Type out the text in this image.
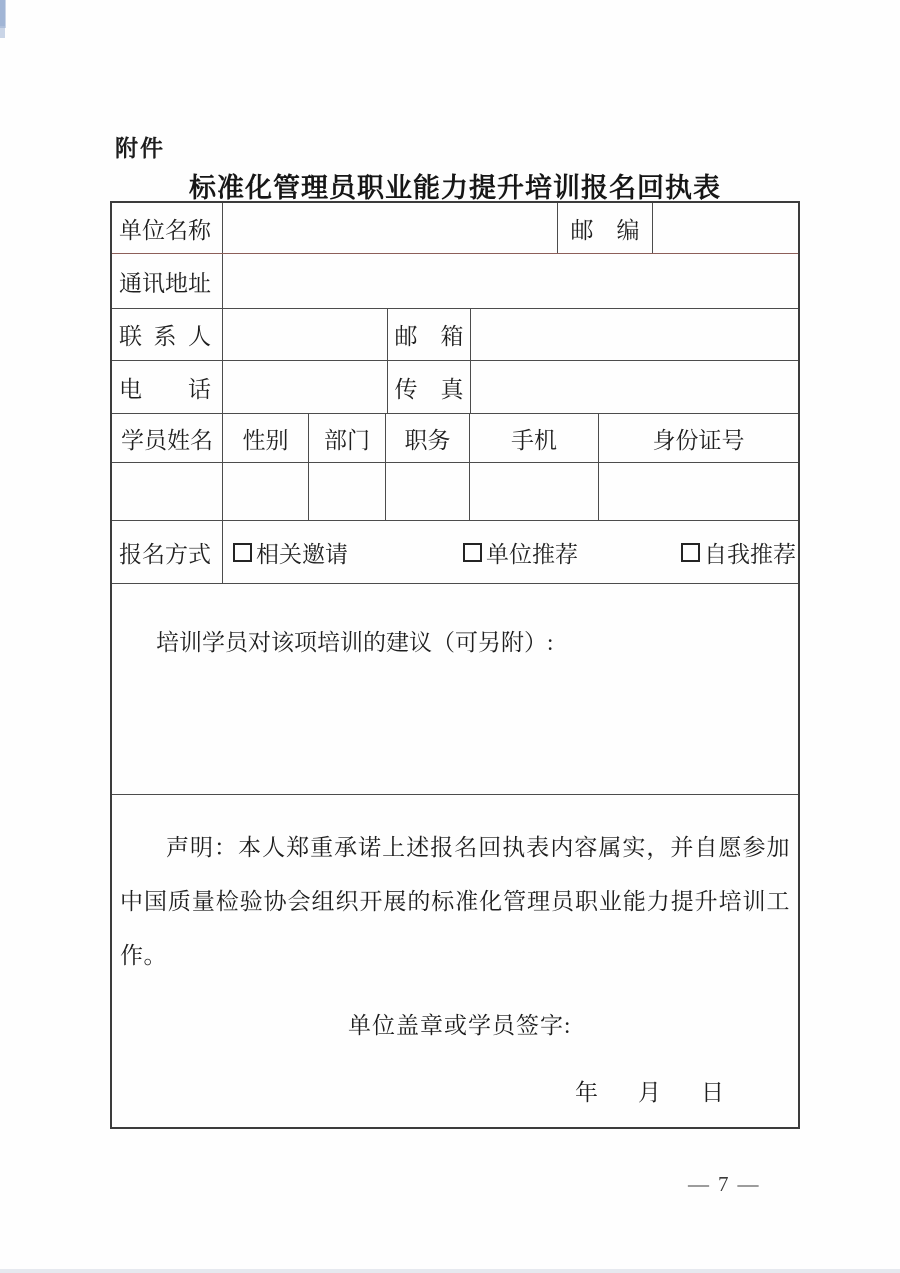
附件
标准化管理员职业能力提升培训报名回执表
单位名称	邮　编
通讯地址
联 系 人	邮　箱
电　　话	传　真
学员姓名	性别	部门	职务	手机	身份证号
报名方式	相关邀请	单位推荐	自我推荐
培训学员对该项培训的建议（可另附）:
声明：本人郑重承诺上述报名回执表内容属实，并自愿参加中国质量检验协会组织开展的标准化管理员职业能力提升培训工作。
单位盖章或学员签字:
年 月 日
— 7 —
